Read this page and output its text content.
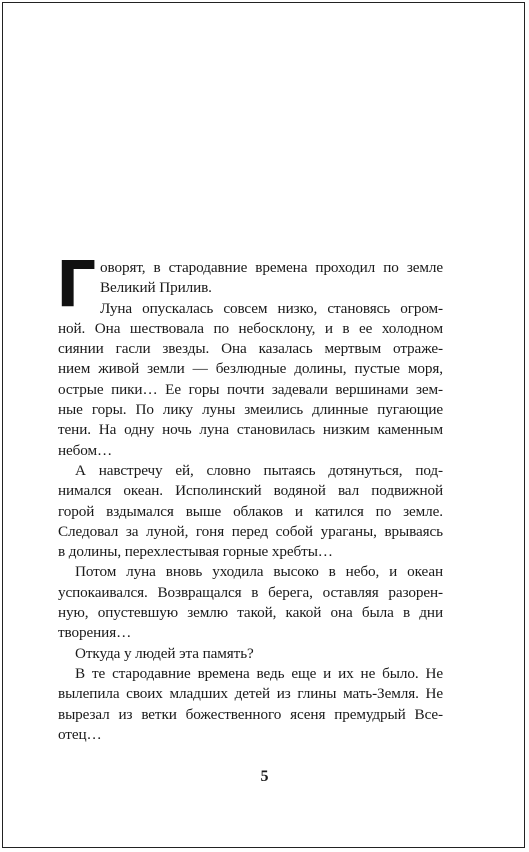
Г оворят, в стародавние времена проходил по земле
Великий Прилив.
Луна опускалась совсем низко, становясь огром-
ной. Она шествовала по небосклону, и в ее холодном
сиянии гасли звезды. Она казалась мертвым отраже-
нием живой земли — безлюдные долины, пустые моря,
острые пики… Ее горы почти задевали вершинами зем-
ные горы. По лику луны змеились длинные пугающие
тени. На одну ночь луна становилась низким каменным
небом…
А навстречу ей, словно пытаясь дотянуться, под-
нимался океан. Исполинский водяной вал подвижной
горой вздымался выше облаков и катился по земле.
Следовал за луной, гоня перед собой ураганы, врываясь
в долины, перехлестывая горные хребты…
Потом луна вновь уходила высоко в небо, и океан
успокаивался. Возвращался в берега, оставляя разорен-
ную, опустевшую землю такой, какой она была в дни
творения…
Откуда у людей эта память?
В те стародавние времена ведь еще и их не было. Не
вылепила своих младших детей из глины мать-Земля. Не
вырезал из ветки божественного ясеня премудрый Все-
отец…
5
